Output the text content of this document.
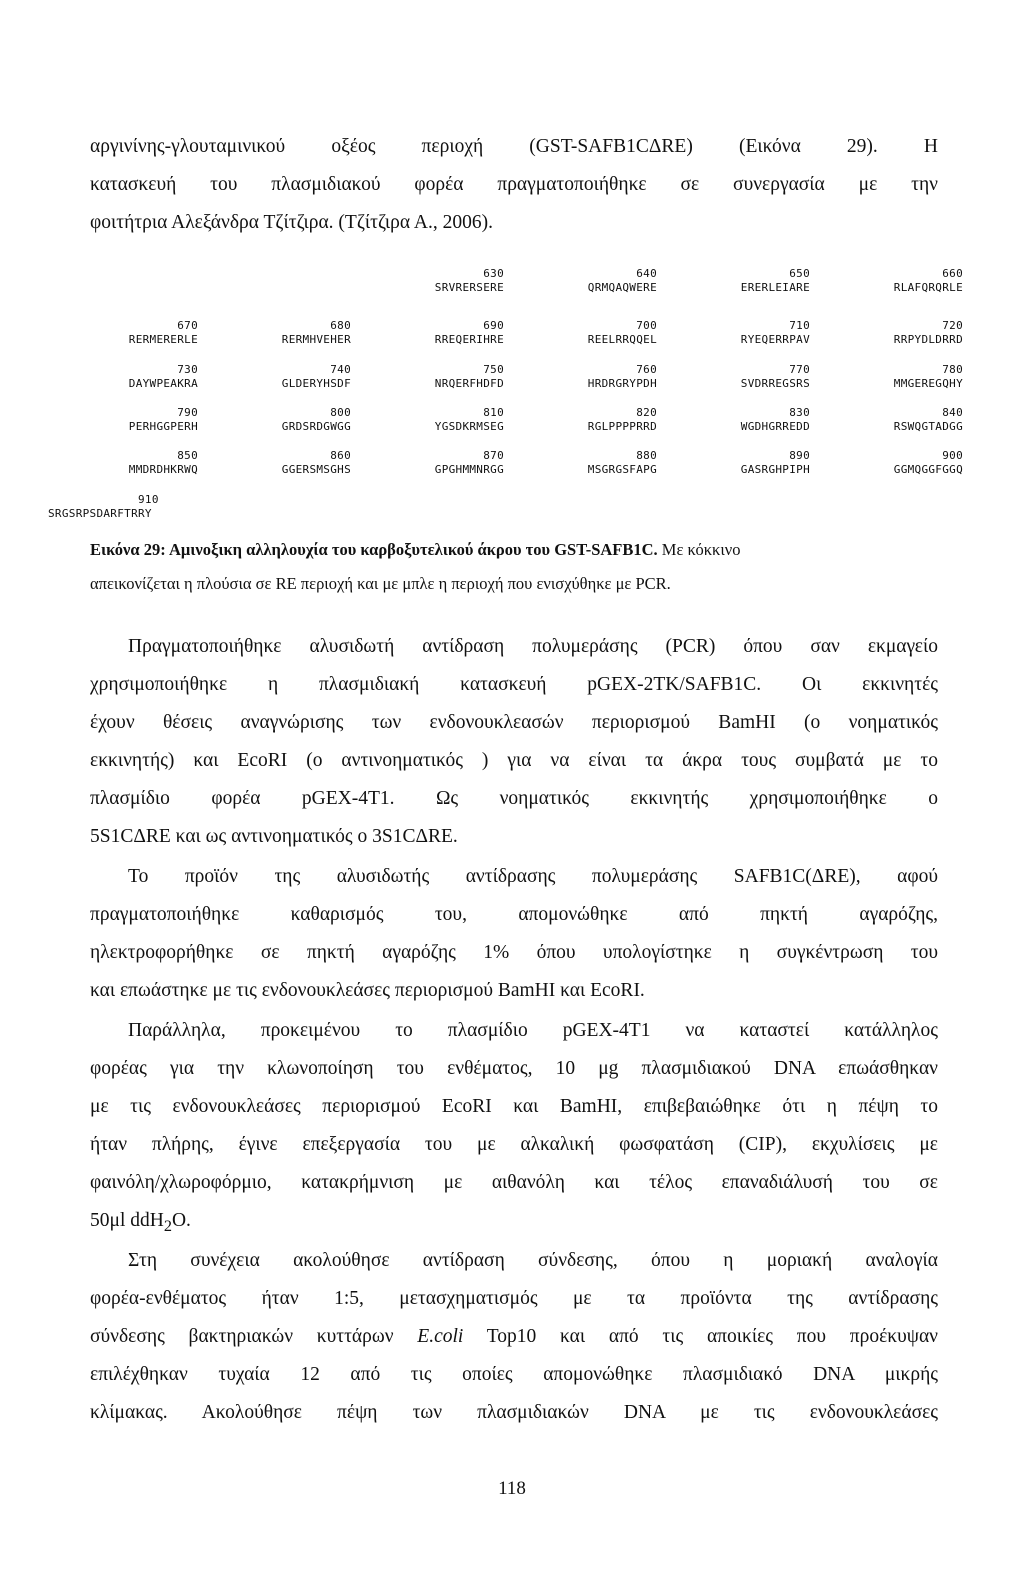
αργινίνης-γλουταμινικού οξέος περιοχή (GST-SAFB1CΔRE) (Εικόνα 29). Η
κατασκευή του πλασμιδιακού φορέα πραγματοποιήθηκε σε συνεργασία με την
φοιτήτρια Αλεξάνδρα Τζίτζιρα. (Τζίτζιρα Α., 2006).
630
SRVRERSERE
640
QRMQAQWERE
650
ERERLEIARE
660
RLAFQRQRLE
670
RERMERERLE
680
RERMHVEHER
690
RREQERIHRE
700
REELRRQQEL
710
RYEQERRPAV
720
RRPYDLDRRD
730
DAYWPEAKRA
740
GLDERYHSDF
750
NRQERFHDFD
760
HRDRGRYPDH
770
SVDRREGSRS
780
MMGEREGQHY
790
PERHGGPERH
800
GRDSRDGWGG
810
YGSDKRMSEG
820
RGLPPPPRRD
830
WGDHGRREDD
840
RSWQGTADGG
850
MMDRDHKRWQ
860
GGERSMSGHS
870
GPGHMMNRGG
880
MSGRGSFAPG
890
GASRGHPIPH
900
GGMQGGFGGQ
910
SRGSRPSDARFTRRY
Εικόνα 29: Αμινοξικη αλληλουχία του καρβοξυτελικού άκρου του GST-SAFB1C. Με κόκκινο
απεικονίζεται η πλούσια σε RE περιοχή και με μπλε η περιοχή που ενισχύθηκε με PCR.
Πραγματοποιήθηκε αλυσιδωτή αντίδραση πολυμεράσης (PCR) όπου σαν εκμαγείο
χρησιμοποιήθηκε η πλασμιδιακή κατασκευή pGEX-2TK/SAFB1C. Οι εκκινητές
έχουν θέσεις αναγνώρισης των ενδονουκλεασών περιορισμού BamHI (ο νοηματικός
εκκινητής) και EcoRI (ο αντινοηματικός ) για να είναι τα άκρα τους συμβατά με το
πλασμίδιο φορέα pGEX-4T1. Ως νοηματικός εκκινητής χρησιμοποιήθηκε ο
5S1CΔRE και ως αντινοηματικός ο 3S1CΔRE.
Το προϊόν της αλυσιδωτής αντίδρασης πολυμεράσης SAFB1C(ΔRE), αφού
πραγματοποιήθηκε καθαρισμός του, απομονώθηκε από πηκτή αγαρόζης,
ηλεκτροφορήθηκε σε πηκτή αγαρόζης 1% όπου υπολογίστηκε η συγκέντρωση του
και επωάστηκε με τις ενδονουκλεάσες περιορισμού BamHI και EcoRI.
Παράλληλα, προκειμένου το πλασμίδιο pGEX-4T1 να καταστεί κατάλληλος
φορέας για την κλωνοποίηση του ενθέματος, 10 μg πλασμιδιακού DNA επωάσθηκαν
με τις ενδονουκλεάσες περιορισμού EcoRI και BamHI, επιβεβαιώθηκε ότι η πέψη το
ήταν πλήρης, έγινε επεξεργασία του με αλκαλική φωσφατάση (CIP), εκχυλίσεις με
φαινόλη/χλωροφόρμιο, κατακρήμνιση με αιθανόλη και τέλος επαναδιάλυσή του σε
50μl ddH$_2$O.
Στη συνέχεια ακολούθησε αντίδραση σύνδεσης, όπου η μοριακή αναλογία
φορέα-ενθέματος ήταν 1:5, μετασχηματισμός με τα προϊόντα της αντίδρασης
σύνδεσης βακτηριακών κυττάρων E.coli Top10 και από τις αποικίες που προέκυψαν
επιλέχθηκαν τυχαία 12 από τις οποίες απομονώθηκε πλασμιδιακό DNA μικρής
κλίμακας. Ακολούθησε πέψη των πλασμιδιακών DNA με τις ενδονουκλεάσες
118
